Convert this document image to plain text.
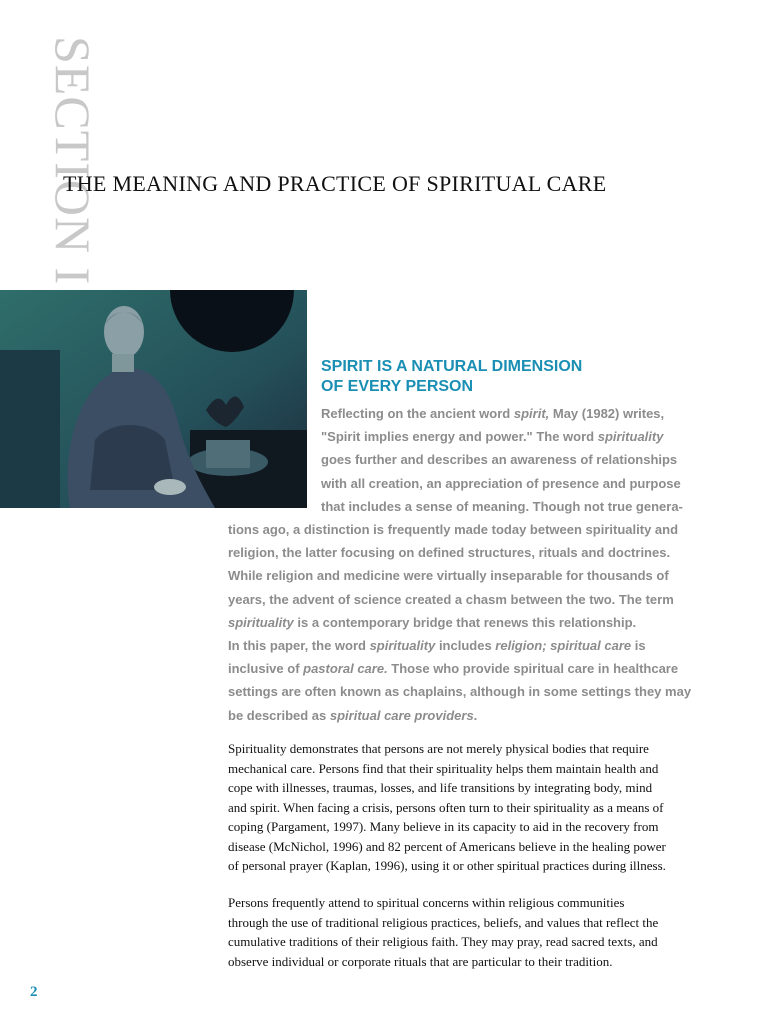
SECTION I
THE MEANING AND PRACTICE OF SPIRITUAL CARE
SPIRIT IS A NATURAL DIMENSION
OF EVERY PERSON
Reflecting on the ancient word spirit, May (1982) writes,
"Spirit implies energy and power." The word spirituality
goes further and describes an awareness of relationships
with all creation, an appreciation of presence and purpose
that includes a sense of meaning. Though not true genera-
tions ago, a distinction is frequently made today between spirituality and
religion, the latter focusing on defined structures, rituals and doctrines.
While religion and medicine were virtually inseparable for thousands of
years, the advent of science created a chasm between the two. The term
spirituality is a contemporary bridge that renews this relationship.
In this paper, the word spirituality includes religion; spiritual care is
inclusive of pastoral care. Those who provide spiritual care in healthcare
settings are often known as chaplains, although in some settings they may
be described as spiritual care providers.
Spirituality demonstrates that persons are not merely physical bodies that require
mechanical care. Persons find that their spirituality helps them maintain health and
cope with illnesses, traumas, losses, and life transitions by integrating body, mind
and spirit. When facing a crisis, persons often turn to their spirituality as a means of
coping (Pargament, 1997). Many believe in its capacity to aid in the recovery from
disease (McNichol, 1996) and 82 percent of Americans believe in the healing power
of personal prayer (Kaplan, 1996), using it or other spiritual practices during illness.
Persons frequently attend to spiritual concerns within religious communities
through the use of traditional religious practices, beliefs, and values that reflect the
cumulative traditions of their religious faith. They may pray, read sacred texts, and
observe individual or corporate rituals that are particular to their tradition.
2
